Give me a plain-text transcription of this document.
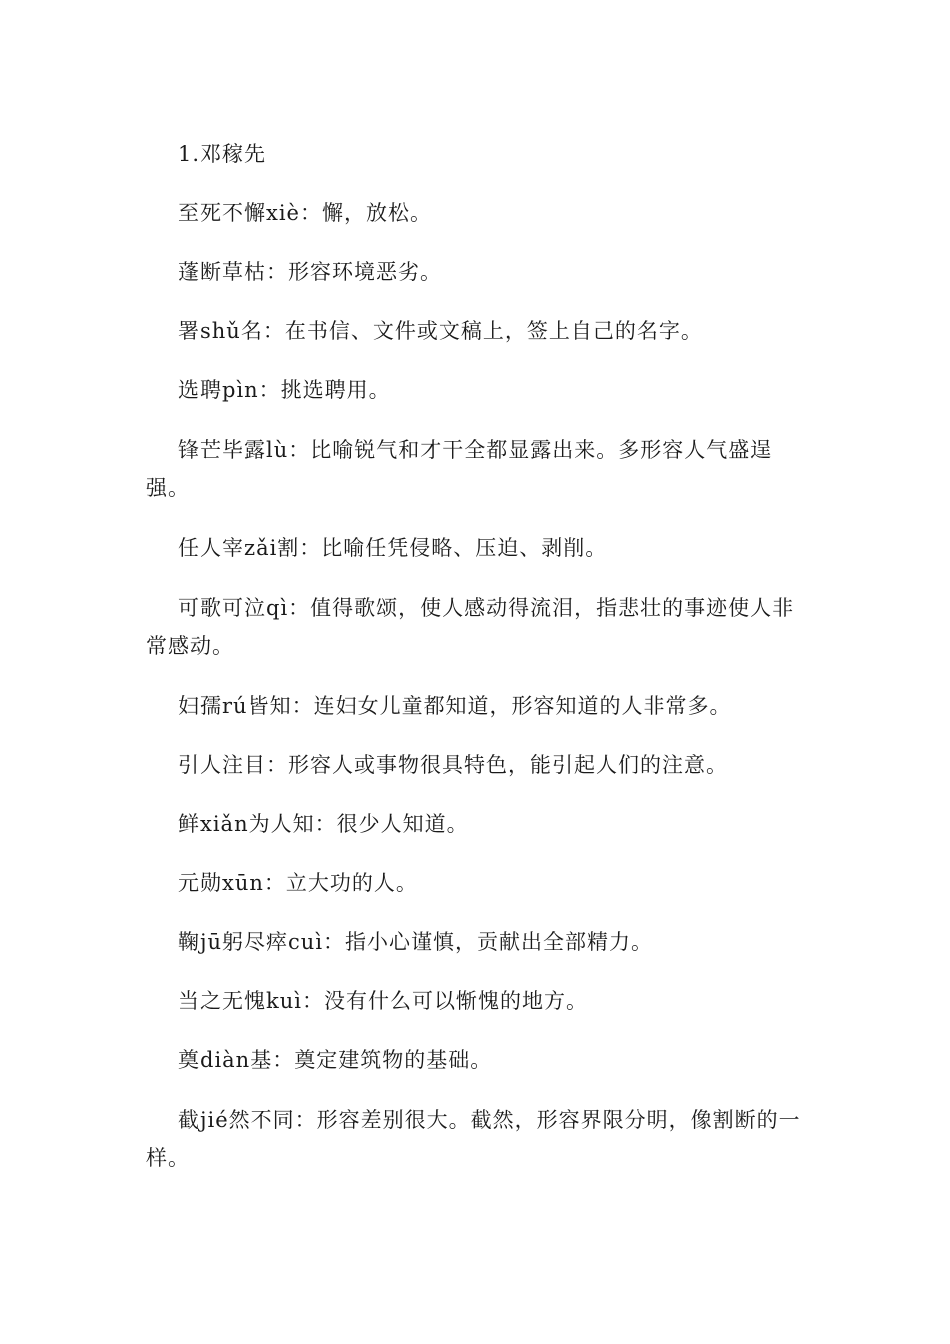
1.邓稼先

至死不懈xiè：懈，放松。

蓬断草枯：形容环境恶劣。

署shǔ名：在书信、文件或文稿上，签上自己的名字。

选聘pìn：挑选聘用。

锋芒毕露lù：比喻锐气和才干全都显露出来。多形容人气盛逞强。

任人宰zǎi割：比喻任凭侵略、压迫、剥削。

可歌可泣qì：值得歌颂，使人感动得流泪，指悲壮的事迹使人非常感动。

妇孺rú皆知：连妇女儿童都知道，形容知道的人非常多。

引人注目：形容人或事物很具特色，能引起人们的注意。

鲜xiǎn为人知：很少人知道。

元勋xūn：立大功的人。

鞠jū躬尽瘁cuì：指小心谨慎，贡献出全部精力。

当之无愧kuì：没有什么可以惭愧的地方。

奠diàn基：奠定建筑物的基础。

截jié然不同：形容差别很大。截然，形容界限分明，像割断的一样。
